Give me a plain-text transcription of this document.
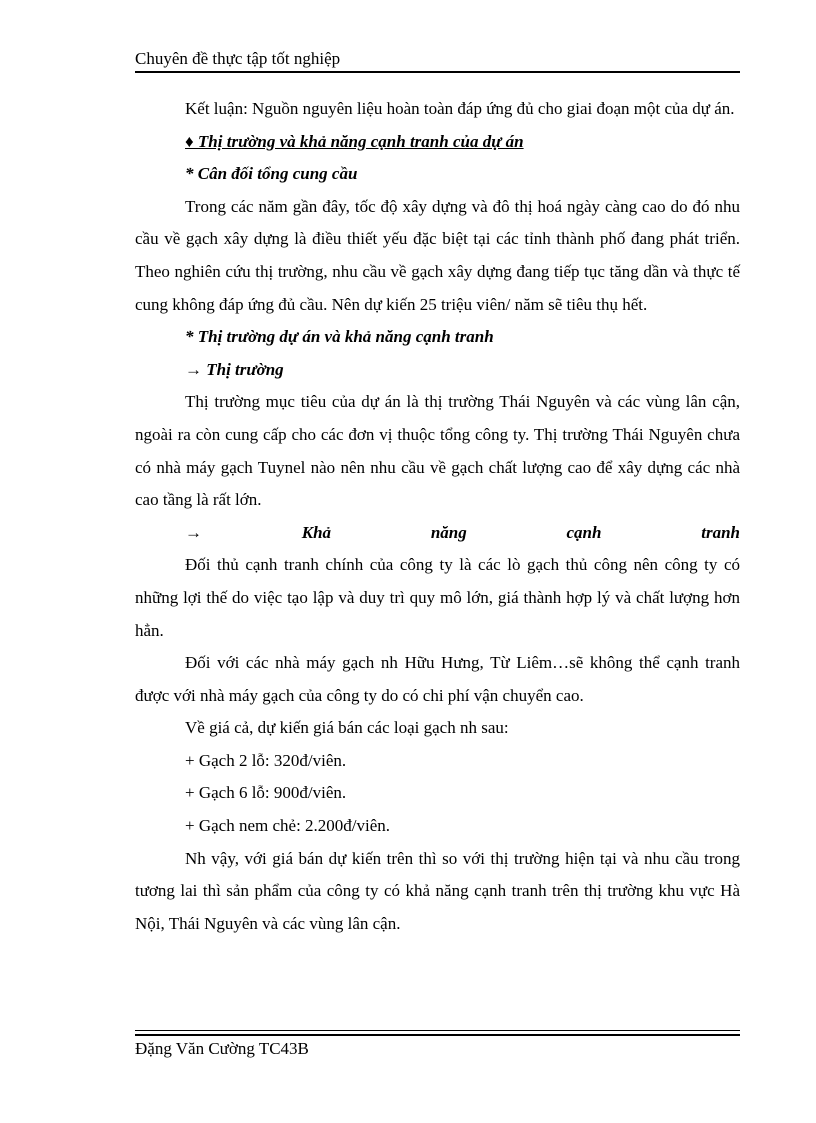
Chuyên đề thực tập tốt nghiệp

Kết luận: Nguồn nguyên liệu hoàn toàn đáp ứng đủ cho giai đoạn một của dự án.

♦ Thị trường và khả năng cạnh tranh của dự án

* Cân đối tổng cung cầu

Trong các năm gần đây, tốc độ xây dựng và đô thị hoá ngày càng cao do đó nhu cầu về gạch xây dựng là điều thiết yếu đặc biệt tại các tỉnh thành phố đang phát triển. Theo nghiên cứu thị trường, nhu cầu về gạch xây dựng đang tiếp tục tăng dần và thực tế cung không đáp ứng đủ cầu. Nên dự kiến 25 triệu viên/ năm sẽ tiêu thụ hết.

* Thị trường dự án và khả năng cạnh tranh

→ Thị trường

Thị trường mục tiêu của dự án là thị trường Thái Nguyên và các vùng lân cận, ngoài ra còn cung cấp cho các đơn vị thuộc tổng công ty. Thị trường Thái Nguyên chưa có nhà máy gạch Tuynel nào nên nhu cầu về gạch chất lượng cao để xây dựng các nhà cao tầng là rất lớn.

→	Khả	năng	cạnh	tranh

Đối thủ cạnh tranh chính của công ty là các lò gạch thủ công nên công ty có những lợi thế do việc tạo lập và duy trì quy mô lớn, giá thành hợp lý và chất lượng hơn hẳn.

Đối với các nhà máy gạch nh Hữu Hưng, Từ Liêm…sẽ không thể cạnh tranh được với nhà máy gạch của công ty do có chi phí vận chuyển cao.

Về giá cả, dự kiến giá bán các loại gạch nh sau:

+ Gạch 2 lỗ: 320đ/viên.

+ Gạch 6 lỗ: 900đ/viên.

+ Gạch nem chẻ: 2.200đ/viên.

Nh vậy, với giá bán dự kiến trên thì so với thị trường hiện tại và nhu cầu trong tương lai thì sản phẩm của công ty có khả năng cạnh tranh trên thị trường khu vực Hà Nội, Thái Nguyên và các vùng lân cận.

Đặng Văn Cường TC43B
